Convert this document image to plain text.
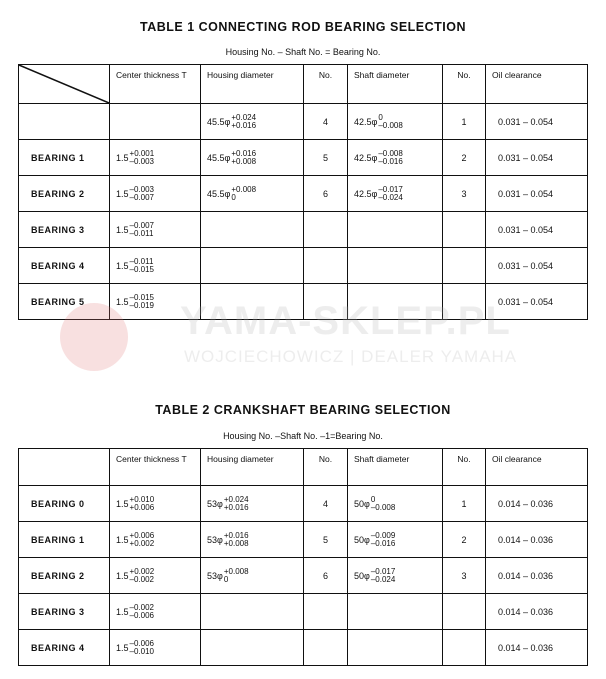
TABLE 1 CONNECTING ROD BEARING SELECTION
Housing No. – Shaft No. = Bearing No.
	Center thickness T	Housing diameter	No.	Shaft diameter	No.	Oil clearance

		45.5φ +0.024
+0.016	4	42.5φ 0
–0.008	1	0.031 – 0.054

BEARING 1	1.5 +0.001
–0.003	45.5φ +0.016
+0.008	5	42.5φ –0.008
–0.016	2	0.031 – 0.054

BEARING 2	1.5 –0.003
–0.007	45.5φ +0.008
0	6	42.5φ –0.017
–0.024	3	0.031 – 0.054

BEARING 3	1.5 –0.007
–0.011					0.031 – 0.054

BEARING 4	1.5 –0.011
–0.015					0.031 – 0.054

BEARING 5	1.5 –0.015
–0.019					0.031 – 0.054
YAMA-SKLEP.PL
WOJCIECHOWICZ | DEALER YAMAHA
TABLE 2 CRANKSHAFT BEARING SELECTION
Housing No. –Shaft No. –1=Bearing No.
	Center thickness T	Housing diameter	No.	Shaft diameter	No.	Oil clearance

BEARING 0	1.5 +0.010
+0.006	53φ +0.024
+0.016	4	50φ 0
–0.008	1	0.014 – 0.036

BEARING 1	1.5 +0.006
+0.002	53φ +0.016
+0.008	5	50φ –0.009
–0.016	2	0.014 – 0.036

BEARING 2	1.5 +0.002
–0.002	53φ +0.008
0	6	50φ –0.017
–0.024	3	0.014 – 0.036

BEARING 3	1.5 –0.002
–0.006					0.014 – 0.036

BEARING 4	1.5 –0.006
–0.010					0.014 – 0.036
